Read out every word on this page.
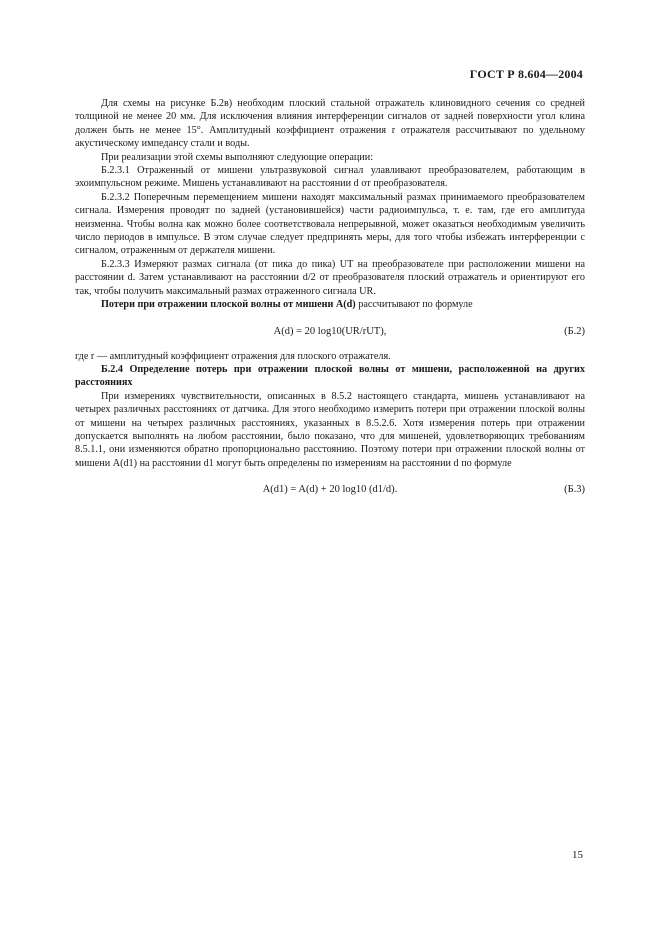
ГОСТ Р 8.604—2004

Для схемы на рисунке Б.2в) необходим плоский стальной отражатель клиновидного сечения со средней толщиной не менее 20 мм. Для исключения влияния интерференции сигналов от задней поверхности угол клина должен быть не менее 15°. Амплитудный коэффициент отражения r отражателя рассчитывают по удельному акустическому импедансу стали и воды.

При реализации этой схемы выполняют следующие операции:

Б.2.3.1 Отраженный от мишени ультразвуковой сигнал улавливают преобразователем, работающим в эхоимпульсном режиме. Мишень устанавливают на расстоянии d от преобразователя.

Б.2.3.2 Поперечным перемещением мишени находят максимальный размах принимаемого преобразователем сигнала. Измерения проводят по задней (установившейся) части радиоимпульса, т. е. там, где его амплитуда неизменна. Чтобы волна как можно более соответствовала непрерывной, может оказаться необходимым увеличить число периодов в импульсе. В этом случае следует предпринять меры, для того чтобы избежать интерференции с сигналом, отраженным от держателя мишени.

Б.2.3.3 Измеряют размах сигнала (от пика до пика) UT на преобразователе при расположении мишени на расстоянии d. Затем устанавливают на расстоянии d/2 от преобразователя плоский отражатель и ориентируют его так, чтобы получить максимальный размах отраженного сигнала UR.

Потери при отражении плоской волны от мишени A(d) рассчитывают по формуле

A(d) = 20 log10(UR/rUT),	(Б.2)

где r — амплитудный коэффициент отражения для плоского отражателя.

Б.2.4 Определение потерь при отражении плоской волны от мишени, расположенной на других расстояниях

При измерениях чувствительности, описанных в 8.5.2 настоящего стандарта, мишень устанавливают на четырех различных расстояниях от датчика. Для этого необходимо измерить потери при отражении плоской волны от мишени на четырех различных расстояниях, указанных в 8.5.2.6. Хотя измерения потерь при отражении допускается выполнять на любом расстоянии, было показано, что для мишеней, удовлетворяющих требованиям 8.5.1.1, они изменяются обратно пропорционально расстоянию. Поэтому потери при отражении плоской волны от мишени A(d1) на расстоянии d1 могут быть определены по измерениям на расстоянии d по формуле

A(d1) = A(d) + 20 log10 (d1/d).	(Б.3)
15
